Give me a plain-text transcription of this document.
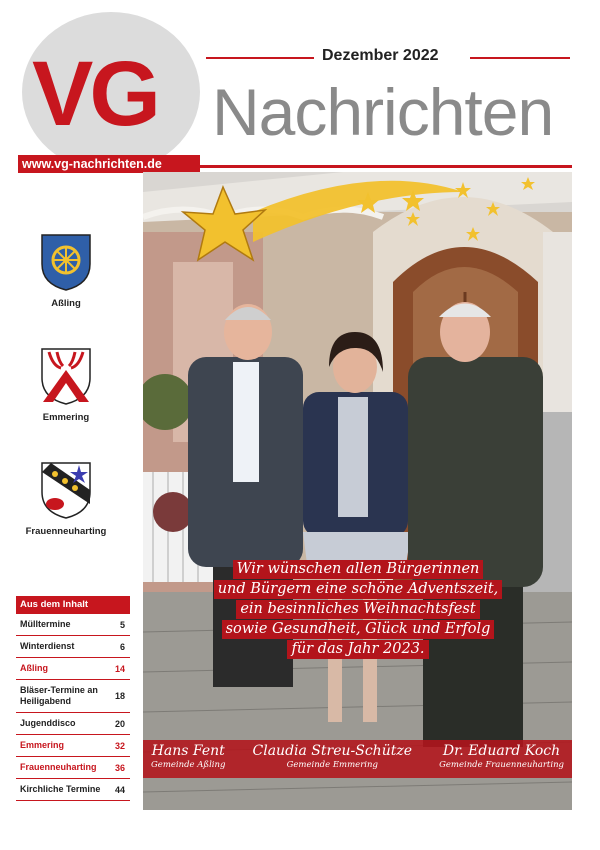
VG
www.vg-nachrichten.de
Dezember 2022
Nachrichten
Aßling
Emmering
Frauenneuharting
Aus dem Inhalt
Mülltermine	5
Winterdienst	6
Aßling	14
Bläser-Termine an Heiligabend	18
Jugenddisco	20
Emmering	32
Frauenneuharting 36
Kirchliche Termine 44
Wir wünschen allen Bürgerinnen
und Bürgern eine schöne Adventszeit,
ein besinnliches Weihnachtsfest
sowie Gesundheit, Glück und Erfolg
für das Jahr 2023.
Hans Fent
Gemeinde Aßling
Claudia Streu-Schütze
Gemeinde Emmering
Dr. Eduard Koch
Gemeinde Frauenneuharting
